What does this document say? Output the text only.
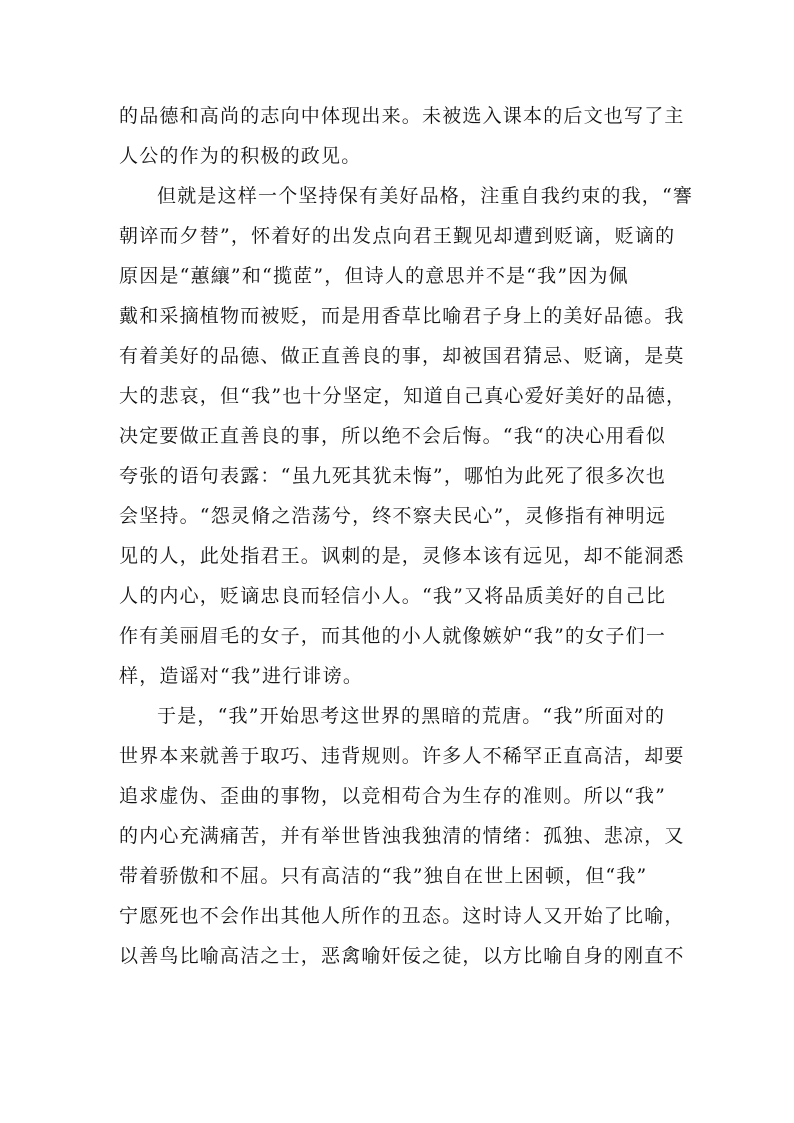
的品德和高尚的志向中体现出来。未被选入课本的后文也写了主
人公的作为的积极的政见。
但就是这样一个坚持保有美好品格，注重自我约束的我，“謇
朝谇而夕替”，怀着好的出发点向君王觐见却遭到贬谪，贬谪的
原因是“蕙纕”和“揽茝”，但诗人的意思并不是“我”因为佩
戴和采摘植物而被贬，而是用香草比喻君子身上的美好品德。我
有着美好的品德、做正直善良的事，却被国君猜忌、贬谪，是莫
大的悲哀，但“我”也十分坚定，知道自己真心爱好美好的品德，
决定要做正直善良的事，所以绝不会后悔。“我“的决心用看似
夸张的语句表露：“虽九死其犹未悔”，哪怕为此死了很多次也
会坚持。“怨灵脩之浩荡兮，终不察夫民心”，灵修指有神明远
见的人，此处指君王。讽刺的是，灵修本该有远见，却不能洞悉
人的内心，贬谪忠良而轻信小人。“我”又将品质美好的自己比
作有美丽眉毛的女子，而其他的小人就像嫉妒“我”的女子们一
样，造谣对“我”进行诽谤。
于是，“我”开始思考这世界的黑暗的荒唐。“我”所面对的
世界本来就善于取巧、违背规则。许多人不稀罕正直高洁，却要
追求虚伪、歪曲的事物，以竞相苟合为生存的准则。所以“我”
的内心充满痛苦，并有举世皆浊我独清的情绪：孤独、悲凉，又
带着骄傲和不屈。只有高洁的“我”独自在世上困顿，但“我”
宁愿死也不会作出其他人所作的丑态。这时诗人又开始了比喻，
以善鸟比喻高洁之士，恶禽喻奸佞之徒，以方比喻自身的刚直不
